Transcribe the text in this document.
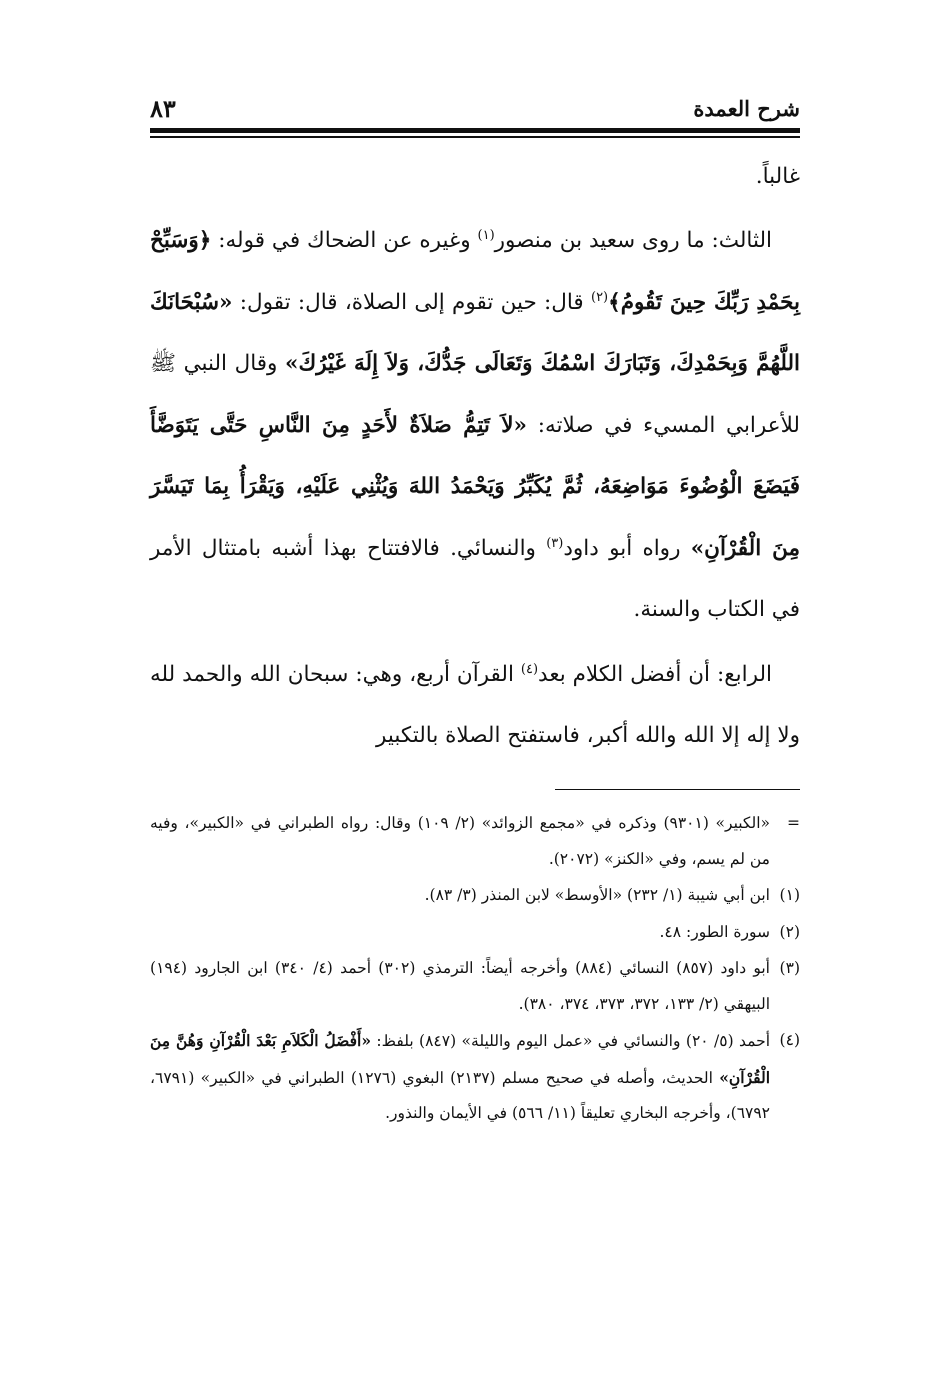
شرح العمدة
٨٣

غالباً.

الثالث: ما روى سعيد بن منصور$^{(١)}$ وغيره عن الضحاك في قوله: ﴿وَسَبِّحْ بِحَمْدِ رَبِّكَ حِينَ تَقُومُ﴾$^{(٢)}$ قال: حين تقوم إلى الصلاة، قال: تقول: «سُبْحَانَكَ اللَّهُمَّ وَبِحَمْدِكَ، وَتَبَارَكَ اسْمُكَ وَتَعَالَى جَدُّكَ، وَلاَ إِلَهَ غَيْرُكَ» وقال النبي ﷺ للأعرابي المسيء في صلاته: «لاَ تَتِمُّ صَلاَةٌ لأَحَدٍ مِنَ النَّاسِ حَتَّى يَتَوَضَّأَ فَيَضَعَ الْوُضُوءَ مَوَاضِعَهُ، ثُمَّ يُكَبِّرُ وَيَحْمَدُ اللهَ وَيُثْنِي عَلَيْهِ، وَيَقْرَأُ بِمَا تَيَسَّرَ مِنَ الْقُرْآنِ» رواه أبو داود$^{(٣)}$ والنسائي. فالافتتاح بهذا أشبه بامتثال الأمر في الكتاب والسنة.

الرابع: أن أفضل الكلام بعد$^{(٤)}$ القرآن أربع، وهي: سبحان الله والحمد لله ولا إله إلا الله والله أكبر، فاستفتح الصلاة بالتكبير

=
«الكبير» (٩٣٠١) وذكره في «مجمع الزوائد» (٢/ ١٠٩) وقال: رواه الطبراني في «الكبير»، وفيه من لم يسم، وفي «الكنز» (٢٠٧٢).
(١)
ابن أبي شيبة (١/ ٢٣٢) «الأوسط» لابن المنذر (٣/ ٨٣).
(٢)
سورة الطور: ٤٨.
(٣)
أبو داود (٨٥٧) النسائي (٨٨٤) وأخرجه أيضاً: الترمذي (٣٠٢) أحمد (٤/ ٣٤٠) ابن الجارود (١٩٤) البيهقي (٢/ ١٣٣، ٣٧٢، ٣٧٣، ٣٧٤، ٣٨٠).
(٤)
أحمد (٥/ ٢٠) والنسائي في «عمل اليوم والليلة» (٨٤٧) بلفظ: «أَفْضَلُ الْكَلاَمِ بَعْدَ الْقُرْآنِ وَهُنَّ مِنَ الْقُرْآنِ» الحديث، وأصله في صحيح مسلم (٢١٣٧) البغوي (١٢٧٦) الطبراني في «الكبير» (٦٧٩١، ٦٧٩٢)، وأخرجه البخاري تعليقاً (١١/ ٥٦٦) في الأيمان والنذور.
